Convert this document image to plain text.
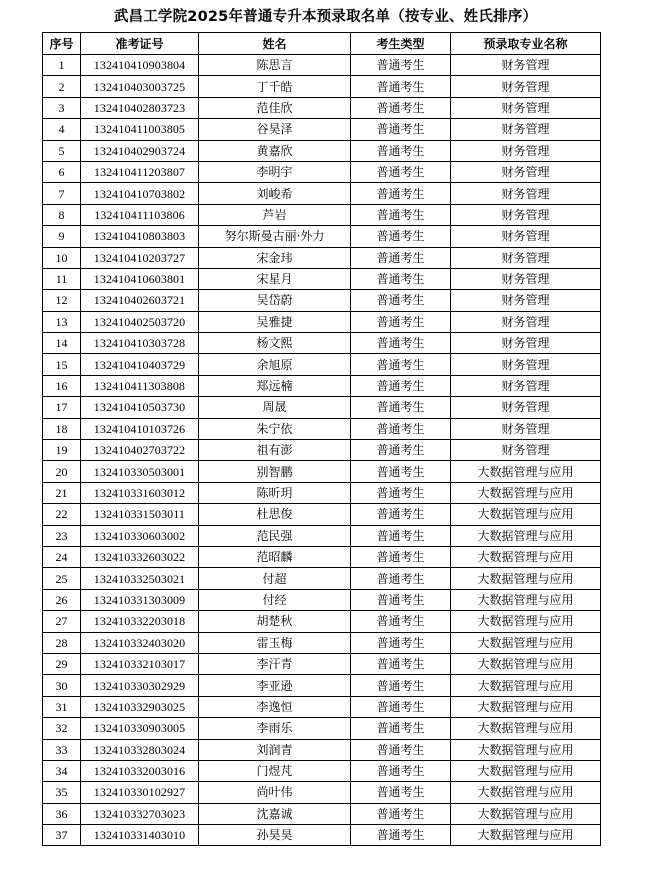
武昌工学院2025年普通专升本预录取名单（按专业、姓氏排序）
序号	准考证号	姓名	考生类型	预录取专业名称
1	132410410903804	陈思言	普通考生	财务管理
2	132410403003725	丁千皓	普通考生	财务管理
3	132410402803723	范佳欣	普通考生	财务管理
4	132410411003805	谷昊泽	普通考生	财务管理
5	132410402903724	黄嘉欣	普通考生	财务管理
6	132410411203807	李明宇	普通考生	财务管理
7	132410410703802	刘峻希	普通考生	财务管理
8	132410411103806	芦岩	普通考生	财务管理
9	132410410803803	努尔斯曼古丽·外力	普通考生	财务管理
10	132410410203727	宋金玮	普通考生	财务管理
11	132410410603801	宋星月	普通考生	财务管理
12	132410402603721	吴岱蔚	普通考生	财务管理
13	132410402503720	吴雅捷	普通考生	财务管理
14	132410410303728	杨文熙	普通考生	财务管理
15	132410410403729	余旭原	普通考生	财务管理
16	132410411303808	郑远楠	普通考生	财务管理
17	132410410503730	周晟	普通考生	财务管理
18	132410410103726	朱宁依	普通考生	财务管理
19	132410402703722	祖有澎	普通考生	财务管理
20	132410330503001	别智鹏	普通考生	大数据管理与应用
21	132410331603012	陈昕玥	普通考生	大数据管理与应用
22	132410331503011	杜思俊	普通考生	大数据管理与应用
23	132410330603002	范民强	普通考生	大数据管理与应用
24	132410332603022	范昭麟	普通考生	大数据管理与应用
25	132410332503021	付超	普通考生	大数据管理与应用
26	132410331303009	付经	普通考生	大数据管理与应用
27	132410332203018	胡楚秋	普通考生	大数据管理与应用
28	132410332403020	雷玉梅	普通考生	大数据管理与应用
29	132410332103017	李汗青	普通考生	大数据管理与应用
30	132410330302929	李亚逊	普通考生	大数据管理与应用
31	132410332903025	李逸恒	普通考生	大数据管理与应用
32	132410330903005	李雨乐	普通考生	大数据管理与应用
33	132410332803024	刘润青	普通考生	大数据管理与应用
34	132410332003016	门煜芃	普通考生	大数据管理与应用
35	132410330102927	尚叶伟	普通考生	大数据管理与应用
36	132410332703023	沈嘉诚	普通考生	大数据管理与应用
37	132410331403010	孙昊昊	普通考生	大数据管理与应用
